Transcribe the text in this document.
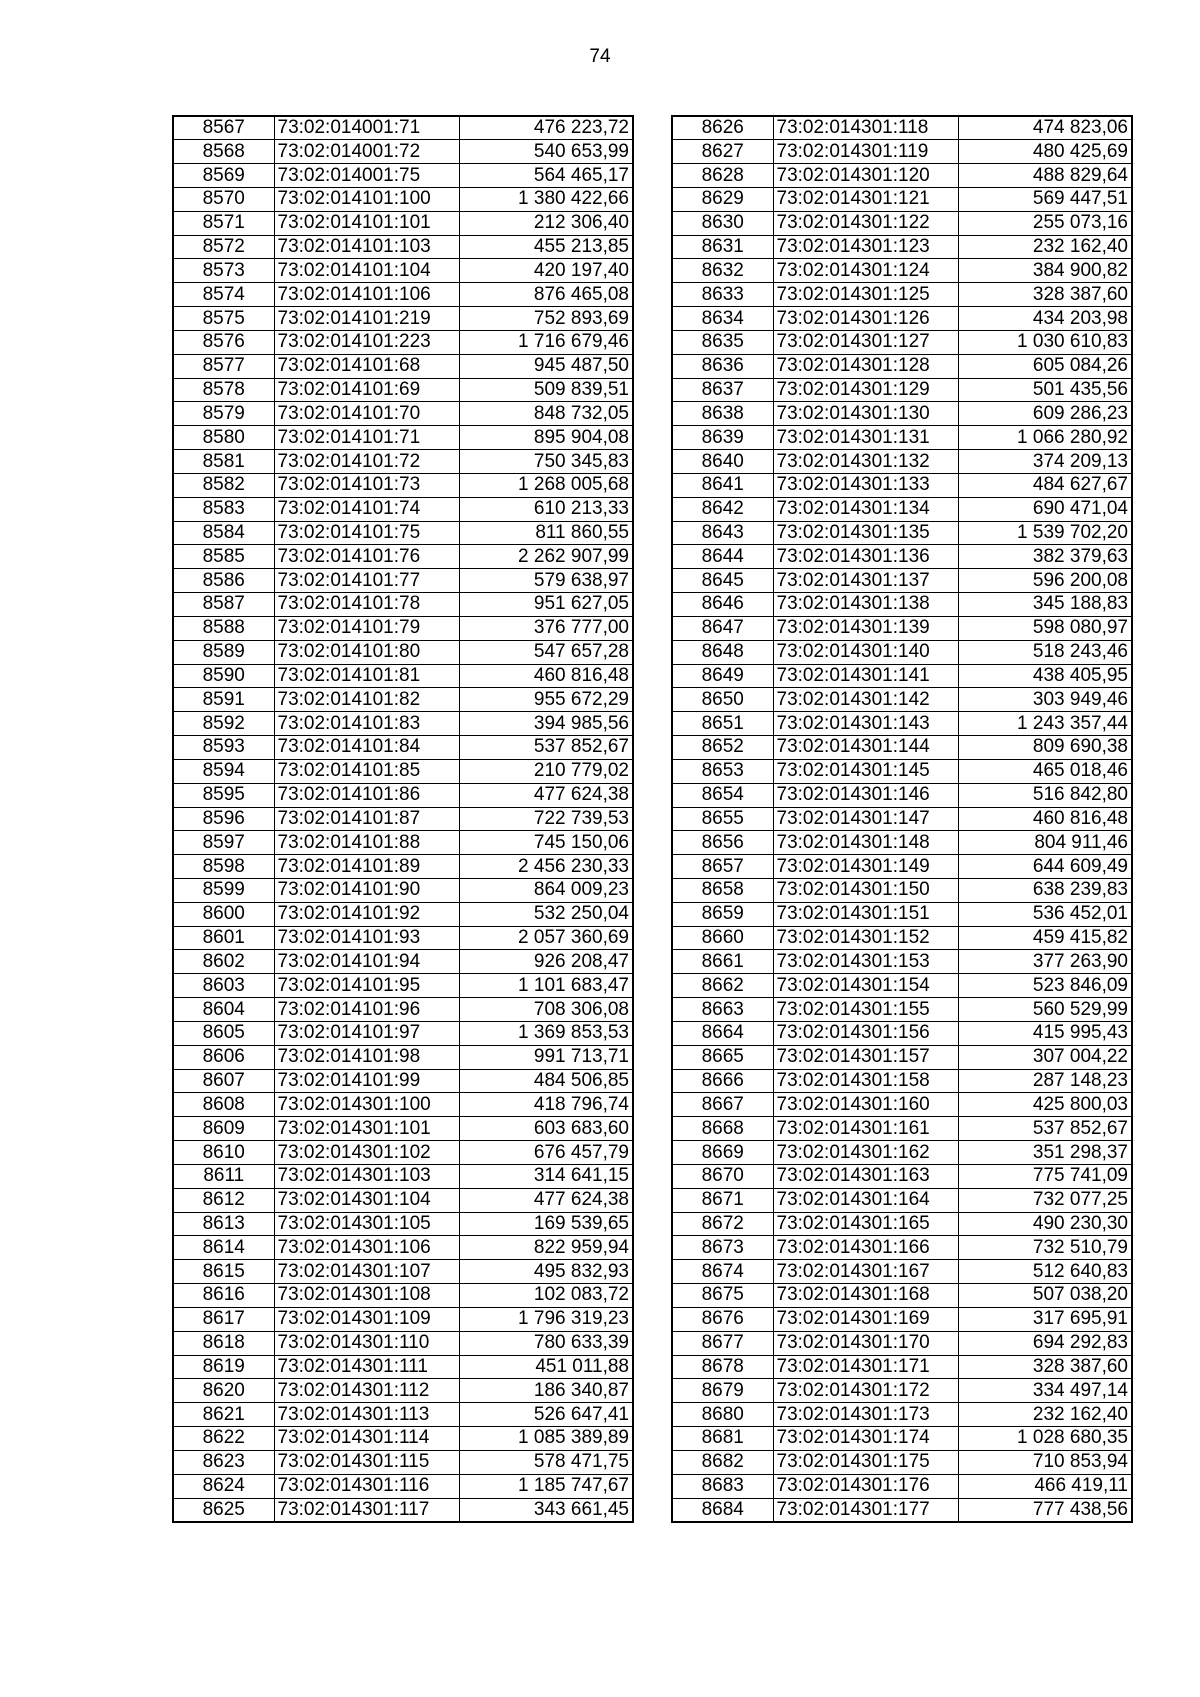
74
8567	73:02:014001:71	476 223,72
8568	73:02:014001:72	540 653,99
8569	73:02:014001:75	564 465,17
8570	73:02:014101:100	1 380 422,66
8571	73:02:014101:101	212 306,40
8572	73:02:014101:103	455 213,85
8573	73:02:014101:104	420 197,40
8574	73:02:014101:106	876 465,08
8575	73:02:014101:219	752 893,69
8576	73:02:014101:223	1 716 679,46
8577	73:02:014101:68	945 487,50
8578	73:02:014101:69	509 839,51
8579	73:02:014101:70	848 732,05
8580	73:02:014101:71	895 904,08
8581	73:02:014101:72	750 345,83
8582	73:02:014101:73	1 268 005,68
8583	73:02:014101:74	610 213,33
8584	73:02:014101:75	811 860,55
8585	73:02:014101:76	2 262 907,99
8586	73:02:014101:77	579 638,97
8587	73:02:014101:78	951 627,05
8588	73:02:014101:79	376 777,00
8589	73:02:014101:80	547 657,28
8590	73:02:014101:81	460 816,48
8591	73:02:014101:82	955 672,29
8592	73:02:014101:83	394 985,56
8593	73:02:014101:84	537 852,67
8594	73:02:014101:85	210 779,02
8595	73:02:014101:86	477 624,38
8596	73:02:014101:87	722 739,53
8597	73:02:014101:88	745 150,06
8598	73:02:014101:89	2 456 230,33
8599	73:02:014101:90	864 009,23
8600	73:02:014101:92	532 250,04
8601	73:02:014101:93	2 057 360,69
8602	73:02:014101:94	926 208,47
8603	73:02:014101:95	1 101 683,47
8604	73:02:014101:96	708 306,08
8605	73:02:014101:97	1 369 853,53
8606	73:02:014101:98	991 713,71
8607	73:02:014101:99	484 506,85
8608	73:02:014301:100	418 796,74
8609	73:02:014301:101	603 683,60
8610	73:02:014301:102	676 457,79
8611	73:02:014301:103	314 641,15
8612	73:02:014301:104	477 624,38
8613	73:02:014301:105	169 539,65
8614	73:02:014301:106	822 959,94
8615	73:02:014301:107	495 832,93
8616	73:02:014301:108	102 083,72
8617	73:02:014301:109	1 796 319,23
8618	73:02:014301:110	780 633,39
8619	73:02:014301:111	451 011,88
8620	73:02:014301:112	186 340,87
8621	73:02:014301:113	526 647,41
8622	73:02:014301:114	1 085 389,89
8623	73:02:014301:115	578 471,75
8624	73:02:014301:116	1 185 747,67
8625	73:02:014301:117	343 661,45
8626	73:02:014301:118	474 823,06
8627	73:02:014301:119	480 425,69
8628	73:02:014301:120	488 829,64
8629	73:02:014301:121	569 447,51
8630	73:02:014301:122	255 073,16
8631	73:02:014301:123	232 162,40
8632	73:02:014301:124	384 900,82
8633	73:02:014301:125	328 387,60
8634	73:02:014301:126	434 203,98
8635	73:02:014301:127	1 030 610,83
8636	73:02:014301:128	605 084,26
8637	73:02:014301:129	501 435,56
8638	73:02:014301:130	609 286,23
8639	73:02:014301:131	1 066 280,92
8640	73:02:014301:132	374 209,13
8641	73:02:014301:133	484 627,67
8642	73:02:014301:134	690 471,04
8643	73:02:014301:135	1 539 702,20
8644	73:02:014301:136	382 379,63
8645	73:02:014301:137	596 200,08
8646	73:02:014301:138	345 188,83
8647	73:02:014301:139	598 080,97
8648	73:02:014301:140	518 243,46
8649	73:02:014301:141	438 405,95
8650	73:02:014301:142	303 949,46
8651	73:02:014301:143	1 243 357,44
8652	73:02:014301:144	809 690,38
8653	73:02:014301:145	465 018,46
8654	73:02:014301:146	516 842,80
8655	73:02:014301:147	460 816,48
8656	73:02:014301:148	804 911,46
8657	73:02:014301:149	644 609,49
8658	73:02:014301:150	638 239,83
8659	73:02:014301:151	536 452,01
8660	73:02:014301:152	459 415,82
8661	73:02:014301:153	377 263,90
8662	73:02:014301:154	523 846,09
8663	73:02:014301:155	560 529,99
8664	73:02:014301:156	415 995,43
8665	73:02:014301:157	307 004,22
8666	73:02:014301:158	287 148,23
8667	73:02:014301:160	425 800,03
8668	73:02:014301:161	537 852,67
8669	73:02:014301:162	351 298,37
8670	73:02:014301:163	775 741,09
8671	73:02:014301:164	732 077,25
8672	73:02:014301:165	490 230,30
8673	73:02:014301:166	732 510,79
8674	73:02:014301:167	512 640,83
8675	73:02:014301:168	507 038,20
8676	73:02:014301:169	317 695,91
8677	73:02:014301:170	694 292,83
8678	73:02:014301:171	328 387,60
8679	73:02:014301:172	334 497,14
8680	73:02:014301:173	232 162,40
8681	73:02:014301:174	1 028 680,35
8682	73:02:014301:175	710 853,94
8683	73:02:014301:176	466 419,11
8684	73:02:014301:177	777 438,56
